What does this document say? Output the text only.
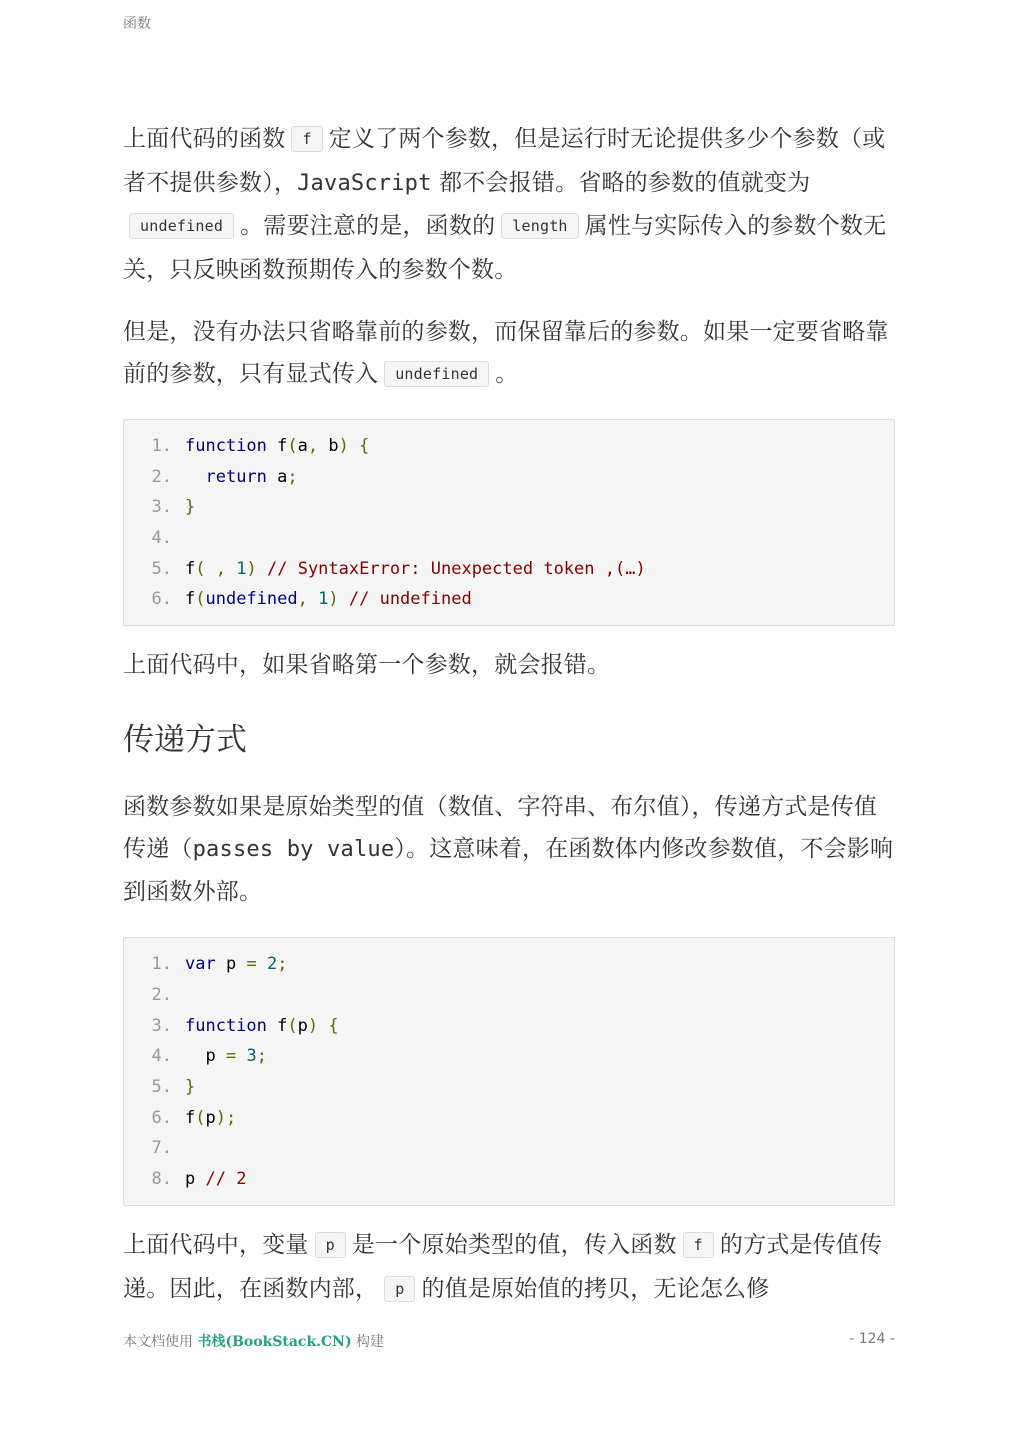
函数

上面代码的函数 f 定义了两个参数，但是运行时无论提供多少个参数（或者不提供参数），JavaScript 都不会报错。省略的参数的值就变为undefined 。需要注意的是，函数的 length 属性与实际传入的参数个数无关，只反映函数预期传入的参数个数。

但是，没有办法只省略靠前的参数，而保留靠后的参数。如果一定要省略靠前的参数，只有显式传入 undefined 。

1. function f(a, b) {
2.	return a;
3. }
4.
5. f( , 1) // SyntaxError: Unexpected token ,(…)
6. f(undefined, 1) // undefined

上面代码中，如果省略第一个参数，就会报错。

传递方式

函数参数如果是原始类型的值（数值、字符串、布尔值），传递方式是传值传递（passes by value）。这意味着，在函数体内修改参数值，不会影响到函数外部。

1. var p = 2;
2.
3. function f(p) {
4. p = 3;
5. }
6. f(p);
7.
8. p // 2

上面代码中，变量 p 是一个原始类型的值，传入函数 f 的方式是传值传递。因此，在函数内部， p 的值是原始值的拷贝，无论怎么修

本文档使用 书栈(BookStack.CN) 构建	- 124 -
